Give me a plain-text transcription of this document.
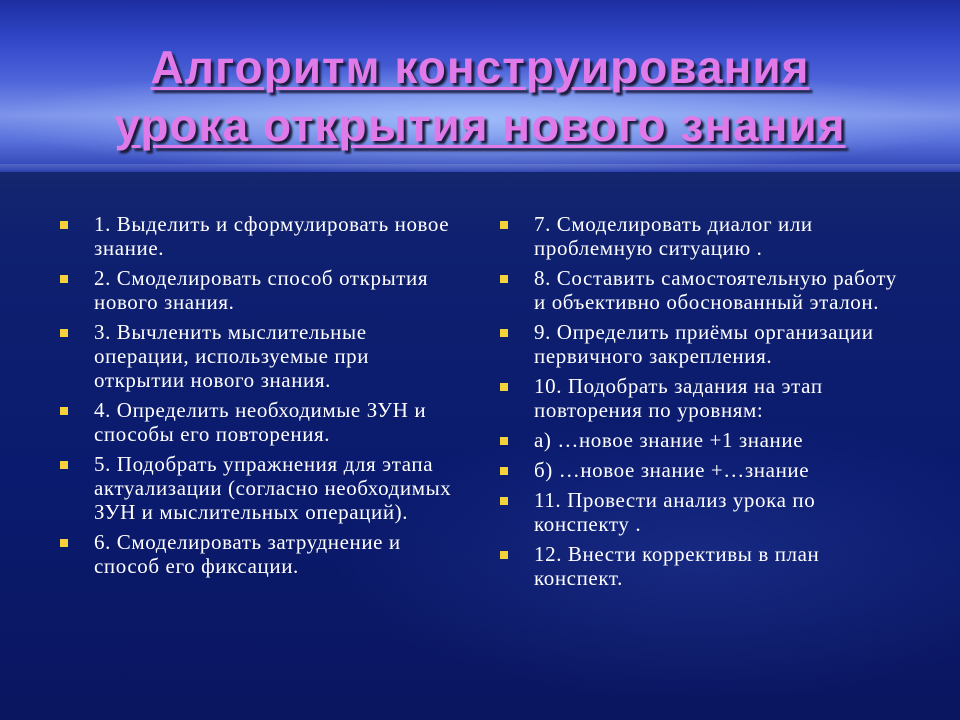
Алгоритм конструирования
урока открытия нового знания
1. Выделить и сформулировать новое знание.
2. Смоделировать способ открытия нового знания.
3. Вычленить мыслительные операции, используемые при открытии нового знания.
4. Определить необходимые ЗУН и способы его повторения.
5. Подобрать упражнения для этапа актуализации (согласно необходимых ЗУН и мыслительных операций).
6. Смоделировать затруднение и способ его фиксации.
7. Смоделировать диалог или проблемную ситуацию .
8. Составить самостоятельную работу и объективно обоснованный эталон.
9. Определить приёмы организации первичного закрепления.
10. Подобрать задания на этап повторения по уровням:
а) …новое знание +1 знание
б) …новое знание +…знание
11. Провести анализ урока по конспекту .
12. Внести коррективы в план конспект.
